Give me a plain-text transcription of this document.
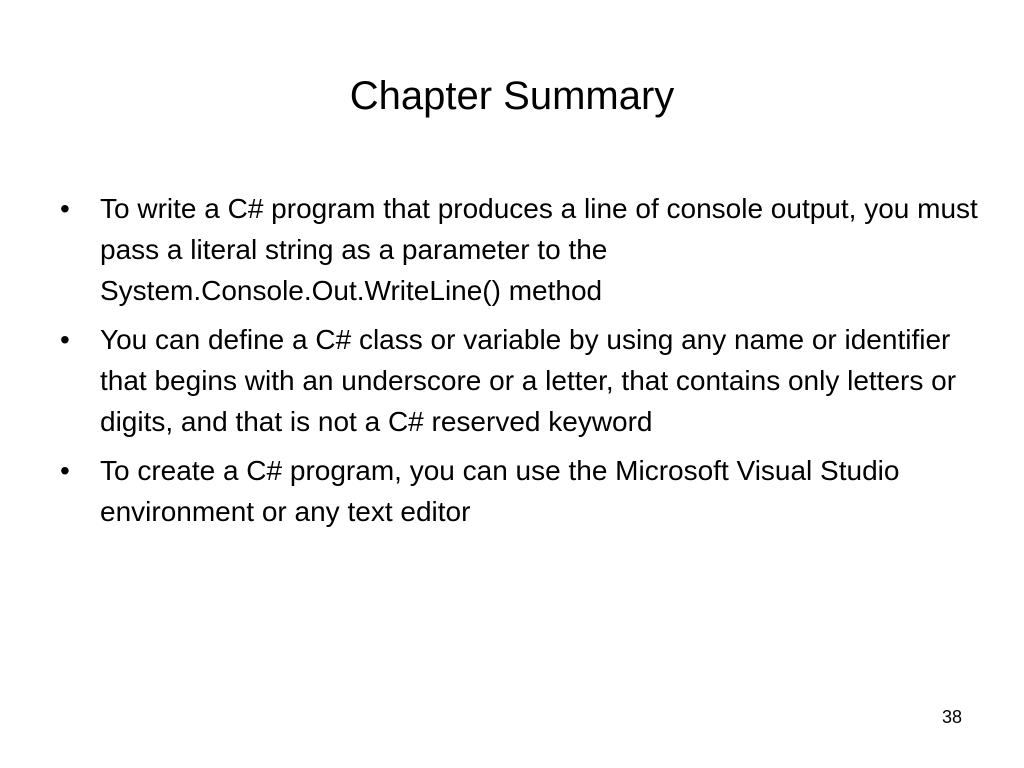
Chapter Summary
•	To write a C# program that produces a line of console output, you must pass a literal string as a parameter to the System.Console.Out.WriteLine() method
•	You can define a C# class or variable by using any name or identifier that begins with an underscore or a letter, that contains only letters or digits, and that is not a C# reserved keyword
•	To create a C# program, you can use the Microsoft Visual Studio environment or any text editor
38
